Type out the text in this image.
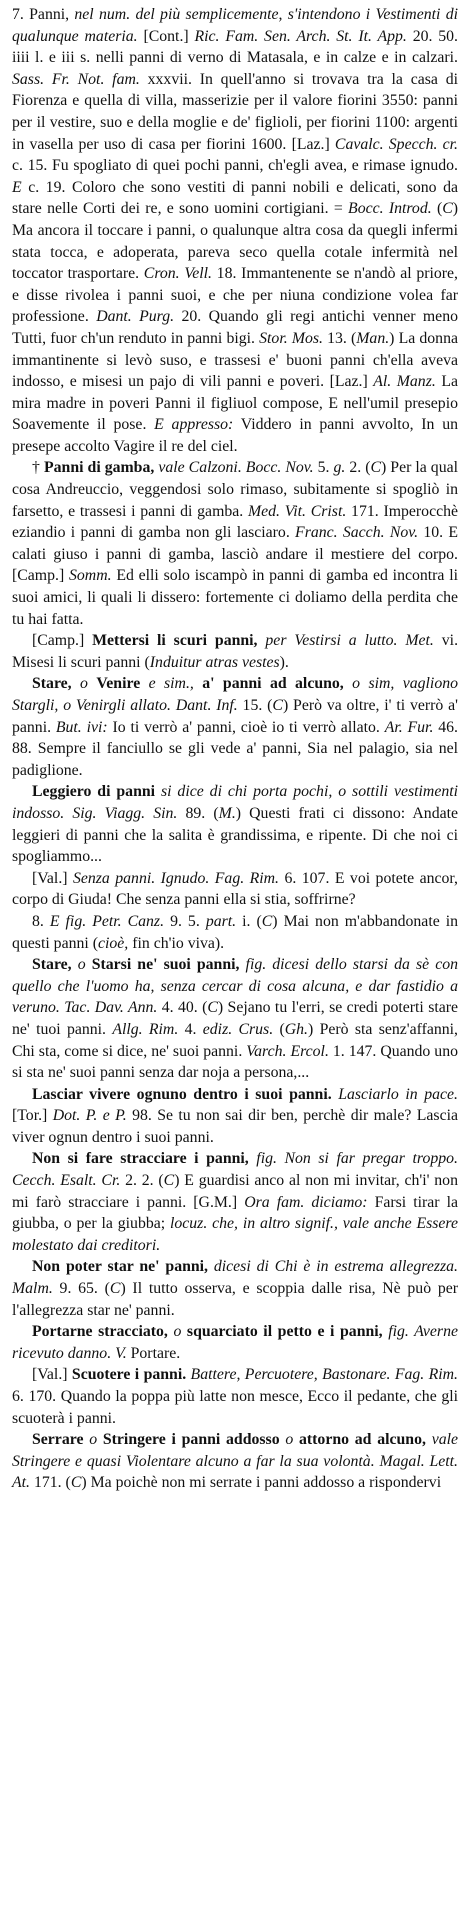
7. Panni, nel num. del più semplicemente, s'intendono i Vestimenti di qualunque materia. [Cont.] Ric. Fam. Sen. Arch. St. It. App. 20. 50. iiii l. e iii s. nelli panni di verno di Matasala, e in calze e in calzari. Sass. Fr. Not. fam. xxxvii. In quell'anno si trovava tra la casa di Fiorenza e quella di villa, masserizie per il valore fiorini 3550: panni per il vestire, suo e della moglie e de' figlioli, per fiorini 1100: argenti in vasella per uso di casa per fiorini 1600. [Laz.] Cavalc. Specch. cr. c. 15. Fu spogliato di quei pochi panni, ch'egli avea, e rimase ignudo. E c. 19. Coloro che sono vestiti di panni nobili e delicati, sono da stare nelle Corti dei re, e sono uomini cortigiani. = Bocc. Introd. (C) Ma ancora il toccare i panni, o qualunque altra cosa da quegli infermi stata tocca, e adoperata, pareva seco quella cotale infermità nel toccator trasportare. Cron. Vell. 18. Immantenente se n'andò al priore, e disse rivolea i panni suoi, e che per niuna condizione volea far professione. Dant. Purg. 20. Quando gli regi antichi venner meno Tutti, fuor ch'un renduto in panni bigi. Stor. Mos. 13. (Man.) La donna immantinente si levò suso, e trassesi e' buoni panni ch'ella aveva indosso, e misesi un pajo di vili panni e poveri. [Laz.] Al. Manz. La mira madre in poveri Panni il figliuol compose, E nell'umil presepio Soavemente il pose. E appresso: Viddero in panni avvolto, In un presepe accolto Vagire il re del ciel.

† Panni di gamba, vale Calzoni. Bocc. Nov. 5. g. 2. (C) Per la qual cosa Andreuccio, veggendosi solo rimaso, subitamente si spogliò in farsetto, e trassesi i panni di gamba. Med. Vit. Crist. 171. Imperocchè eziandio i panni di gamba non gli lasciaro. Franc. Sacch. Nov. 10. E calati giuso i panni di gamba, lasciò andare il mestiere del corpo. [Camp.] Somm. Ed elli solo iscampò in panni di gamba ed incontra li suoi amici, li quali li dissero: fortemente ci doliamo della perdita che tu hai fatta.

[Camp.] Mettersi li scuri panni, per Vestirsi a lutto. Met. vi. Misesi li scuri panni (Induitur atras vestes).

Stare, o Venire e sim., a' panni ad alcuno, o sim, vagliono Stargli, o Venirgli allato. Dant. Inf. 15. (C) Però va oltre, i' ti verrò a' panni. But. ivi: Io ti verrò a' panni, cioè io ti verrò allato. Ar. Fur. 46. 88. Sempre il fanciullo se gli vede a' panni, Sia nel palagio, sia nel padiglione.

Leggiero di panni si dice di chi porta pochi, o sottili vestimenti indosso. Sig. Viagg. Sin. 89. (M.) Questi frati ci dissono: Andate leggieri di panni che la salita è grandissima, e ripente. Di che noi ci spogliammo...

[Val.] Senza panni. Ignudo. Fag. Rim. 6. 107. E voi potete ancor, corpo di Giuda! Che senza panni ella si stia, soffrirne?

8. E fig. Petr. Canz. 9. 5. part. i. (C) Mai non m'abbandonate in questi panni (cioè, fin ch'io viva).

Stare, o Starsi ne' suoi panni, fig. dicesi dello starsi da sè con quello che l'uomo ha, senza cercar di cosa alcuna, e dar fastidio a veruno. Tac. Dav. Ann. 4. 40. (C) Sejano tu l'erri, se credi poterti stare ne' tuoi panni. Allg. Rim. 4. ediz. Crus. (Gh.) Però sta senz'affanni, Chi sta, come si dice, ne' suoi panni. Varch. Ercol. 1. 147. Quando uno si sta ne' suoi panni senza dar noja a persona,...

Lasciar vivere ognuno dentro i suoi panni. Lasciarlo in pace. [Tor.] Dot. P. e P. 98. Se tu non sai dir ben, perchè dir male? Lascia viver ognun dentro i suoi panni.

Non si fare stracciare i panni, fig. Non si far pregar troppo. Cecch. Esalt. Cr. 2. 2. (C) E guardisi anco al non mi invitar, ch'i' non mi farò stracciare i panni. [G.M.] Ora fam. diciamo: Farsi tirar la giubba, o per la giubba; locuz. che, in altro signif., vale anche Essere molestato dai creditori.

Non poter star ne' panni, dicesi di Chi è in estrema allegrezza. Malm. 9. 65. (C) Il tutto osserva, e scoppia dalle risa, Nè può per l'allegrezza star ne' panni.

Portarne stracciato, o squarciato il petto e i panni, fig. Averne ricevuto danno. V. Portare.

[Val.] Scuotere i panni. Battere, Percuotere, Bastonare. Fag. Rim. 6. 170. Quando la poppa più latte non mesce, Ecco il pedante, che gli scuoterà i panni.

Serrare o Stringere i panni addosso o attorno ad alcuno, vale Stringere e quasi Violentare alcuno a far la sua volontà. Magal. Lett. At. 171. (C) Ma poichè non mi serrate i panni addosso a rispondervi
